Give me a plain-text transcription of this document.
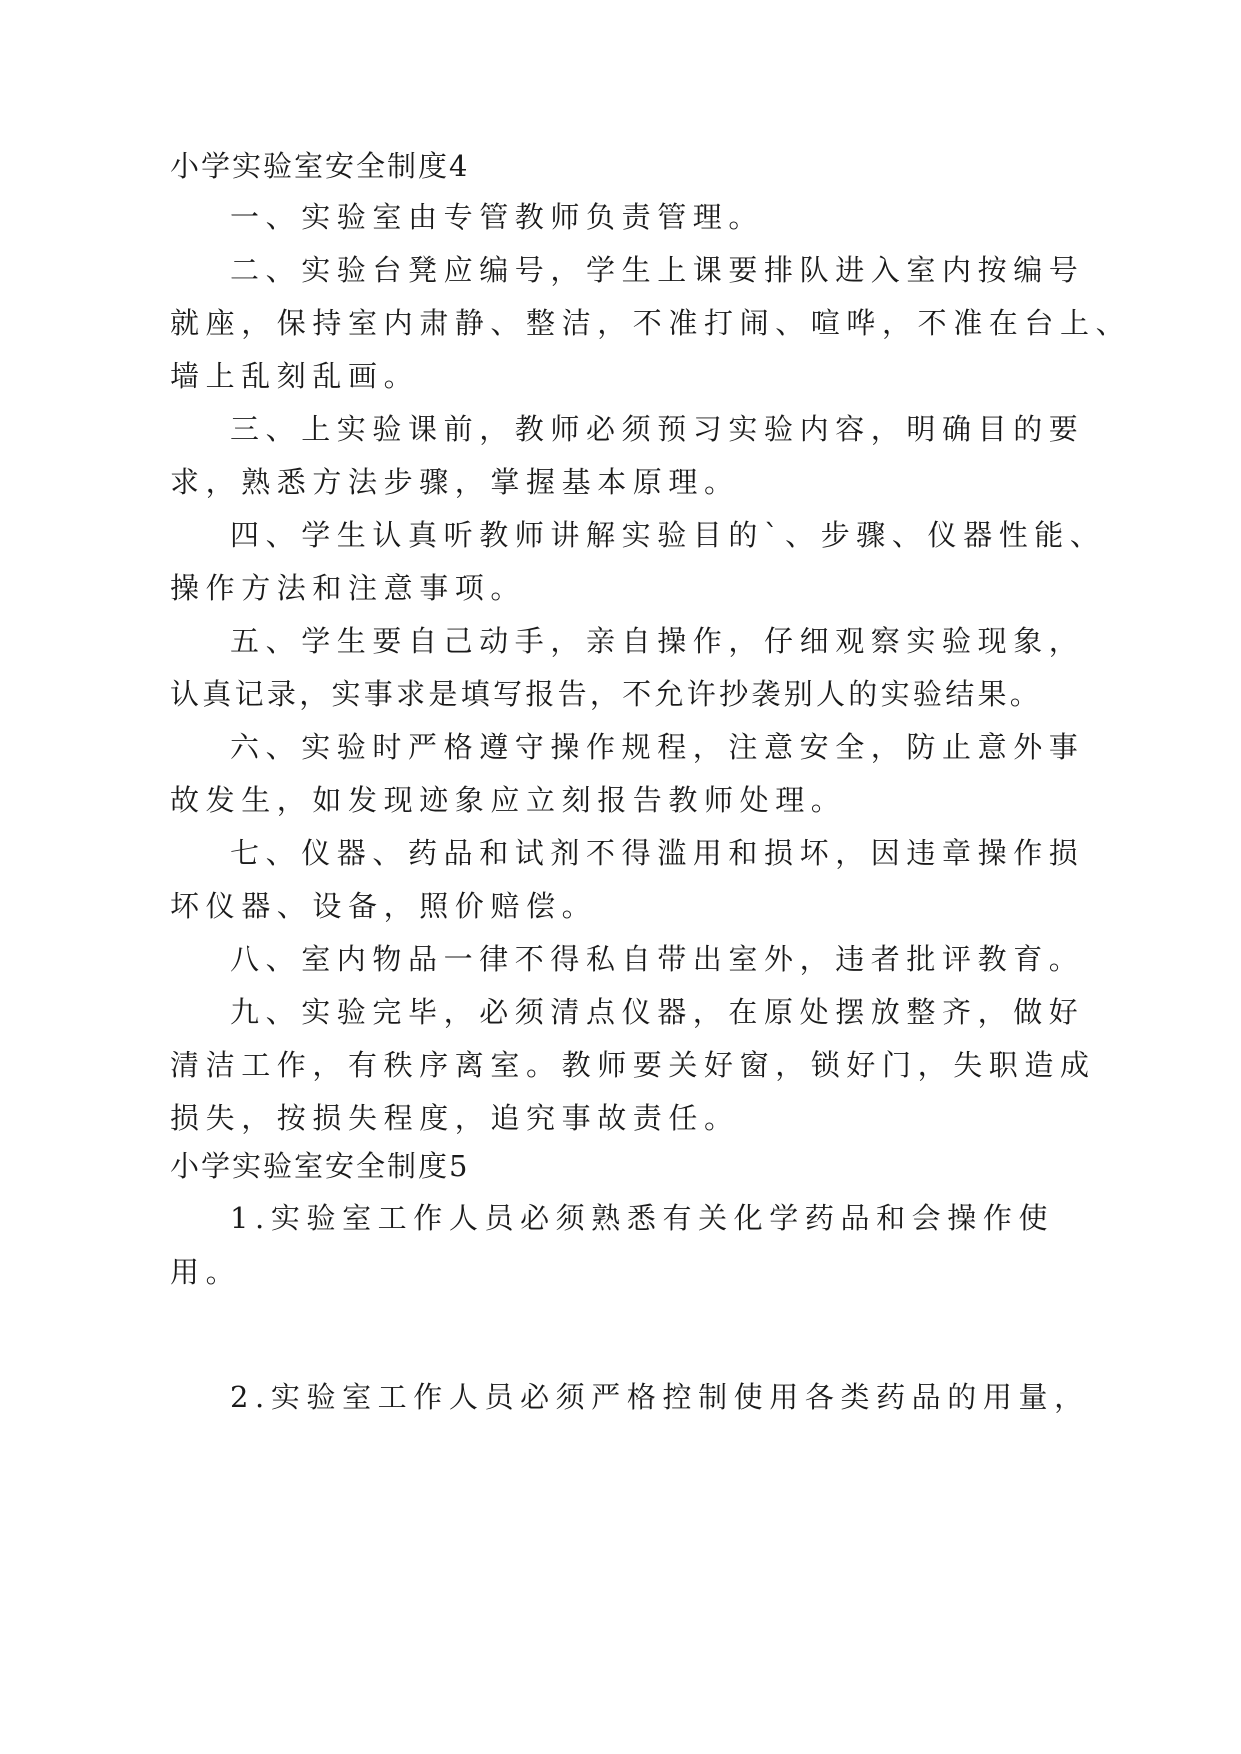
小学实验室安全制度4
一、实验室由专管教师负责管理。
二、实验台凳应编号，学生上课要排队进入室内按编号
就座，保持室内肃静、整洁，不准打闹、喧哗，不准在台上、
墙上乱刻乱画。
三、上实验课前，教师必须预习实验内容，明确目的要
求，熟悉方法步骤，掌握基本原理。
四、学生认真听教师讲解实验目的`、步骤、仪器性能、
操作方法和注意事项。
五、学生要自己动手，亲自操作，仔细观察实验现象，
认真记录，实事求是填写报告，不允许抄袭别人的实验结果。
六、实验时严格遵守操作规程，注意安全，防止意外事
故发生，如发现迹象应立刻报告教师处理。
七、仪器、药品和试剂不得滥用和损坏，因违章操作损
坏仪器、设备，照价赔偿。
八、室内物品一律不得私自带出室外，违者批评教育。
九、实验完毕，必须清点仪器，在原处摆放整齐，做好
清洁工作，有秩序离室。教师要关好窗，锁好门，失职造成
损失，按损失程度，追究事故责任。
小学实验室安全制度5
1.实验室工作人员必须熟悉有关化学药品和会操作使
用。
2.实验室工作人员必须严格控制使用各类药品的用量，
